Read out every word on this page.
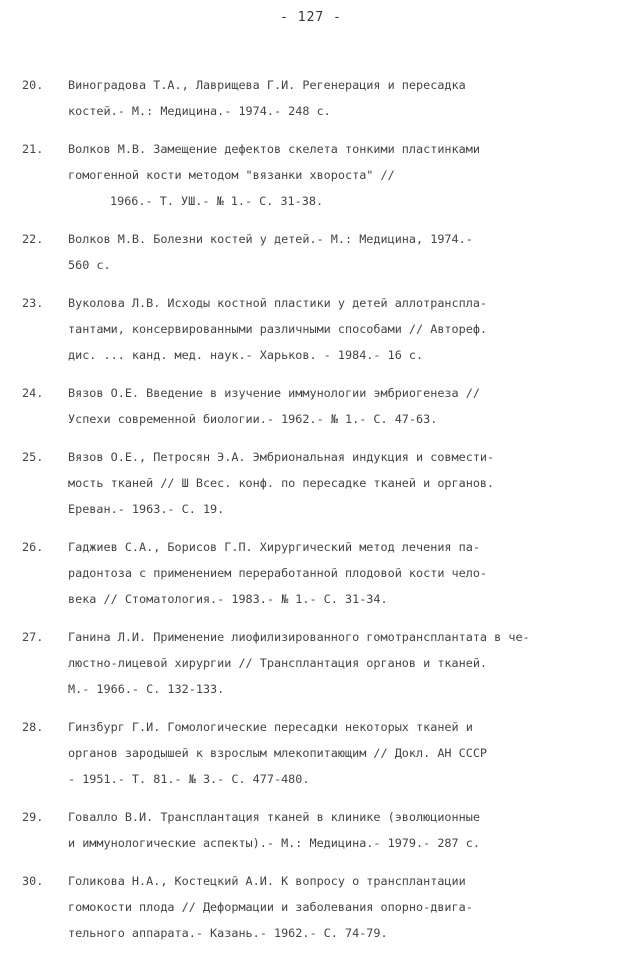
- 127 -
20. Виноградова Т.А., Лаврищева Г.И. Регенерация и пересадка
костей.- М.: Медицина.- 1974.- 248 с.
21. Волков М.В. Замещение дефектов скелета тонкими пластинками
гомогенной кости методом "вязанки хвороста" //
1966.- Т. УШ.- № 1.- С. 31-38.
22. Волков М.В. Болезни костей у детей.- М.: Медицина, 1974.-
560 с.
23. Вуколова Л.В. Исходы костной пластики у детей аллотранспла-
тантами, консервированными различными способами // Автореф.
дис. ... канд. мед. наук.- Харьков. - 1984.- 16 с.
24. Вязов О.Е. Введение в изучение иммунологии эмбриогенеза //
Успехи современной биологии.- 1962.- № 1.- С. 47-63.
25. Вязов О.Е., Петросян Э.А. Эмбриональная индукция и совмести-
мость тканей // Ш Всес. конф. по пересадке тканей и органов.
Ереван.- 1963.- С. 19.
26. Гаджиев С.А., Борисов Г.П. Хирургический метод лечения па-
радонтоза с применением переработанной плодовой кости чело-
века // Стоматология.- 1983.- № 1.- С. 31-34.
27. Ганина Л.И. Применение лиофилизированного гомотрансплантата в че-
люстно-лицевой хирургии // Трансплантация органов и тканей.
М.- 1966.- С. 132-133.
28. Гинзбург Г.И. Гомологические пересадки некоторых тканей и
органов зародышей к взрослым млекопитающим // Докл. АН СССР
- 1951.- Т. 81.- № 3.- С. 477-480.
29. Говалло В.И. Трансплантация тканей в клинике (эволюционные
и иммунологические аспекты).- М.: Медицина.- 1979.- 287 с.
30. Голикова Н.А., Костецкий А.И. К вопросу о трансплантации
гомокости плода // Деформации и заболевания опорно-двига-
тельного аппарата.- Казань.- 1962.- С. 74-79.
